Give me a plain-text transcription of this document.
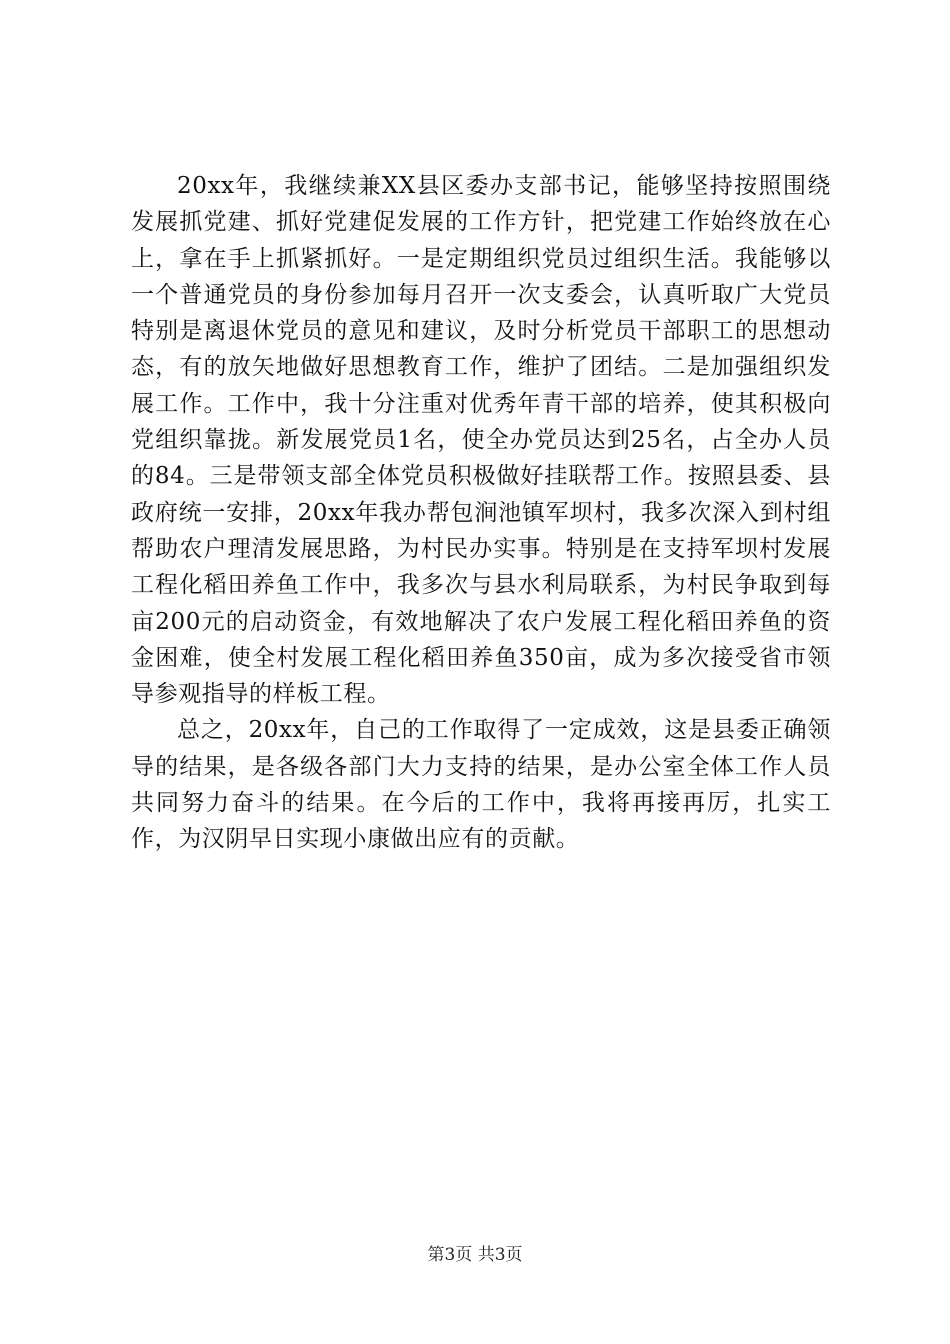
20xx年，我继续兼XX县区委办支部书记，能够坚持按照围绕发展抓党建、抓好党建促发展的工作方针，把党建工作始终放在心上，拿在手上抓紧抓好。一是定期组织党员过组织生活。我能够以一个普通党员的身份参加每月召开一次支委会，认真听取广大党员特别是离退休党员的意见和建议，及时分析党员干部职工的思想动态，有的放矢地做好思想教育工作，维护了团结。二是加强组织发展工作。工作中，我十分注重对优秀年青干部的培养，使其积极向党组织靠拢。新发展党员1名，使全办党员达到25名，占全办人员的84。三是带领支部全体党员积极做好挂联帮工作。按照县委、县政府统一安排，20xx年我办帮包涧池镇军坝村，我多次深入到村组帮助农户理清发展思路，为村民办实事。特别是在支持军坝村发展工程化稻田养鱼工作中，我多次与县水利局联系，为村民争取到每亩200元的启动资金，有效地解决了农户发展工程化稻田养鱼的资金困难，使全村发展工程化稻田养鱼350亩，成为多次接受省市领导参观指导的样板工程。

总之，20xx年，自己的工作取得了一定成效，这是县委正确领导的结果，是各级各部门大力支持的结果，是办公室全体工作人员共同努力奋斗的结果。在今后的工作中，我将再接再厉，扎实工作，为汉阴早日实现小康做出应有的贡献。

第3页 共3页
